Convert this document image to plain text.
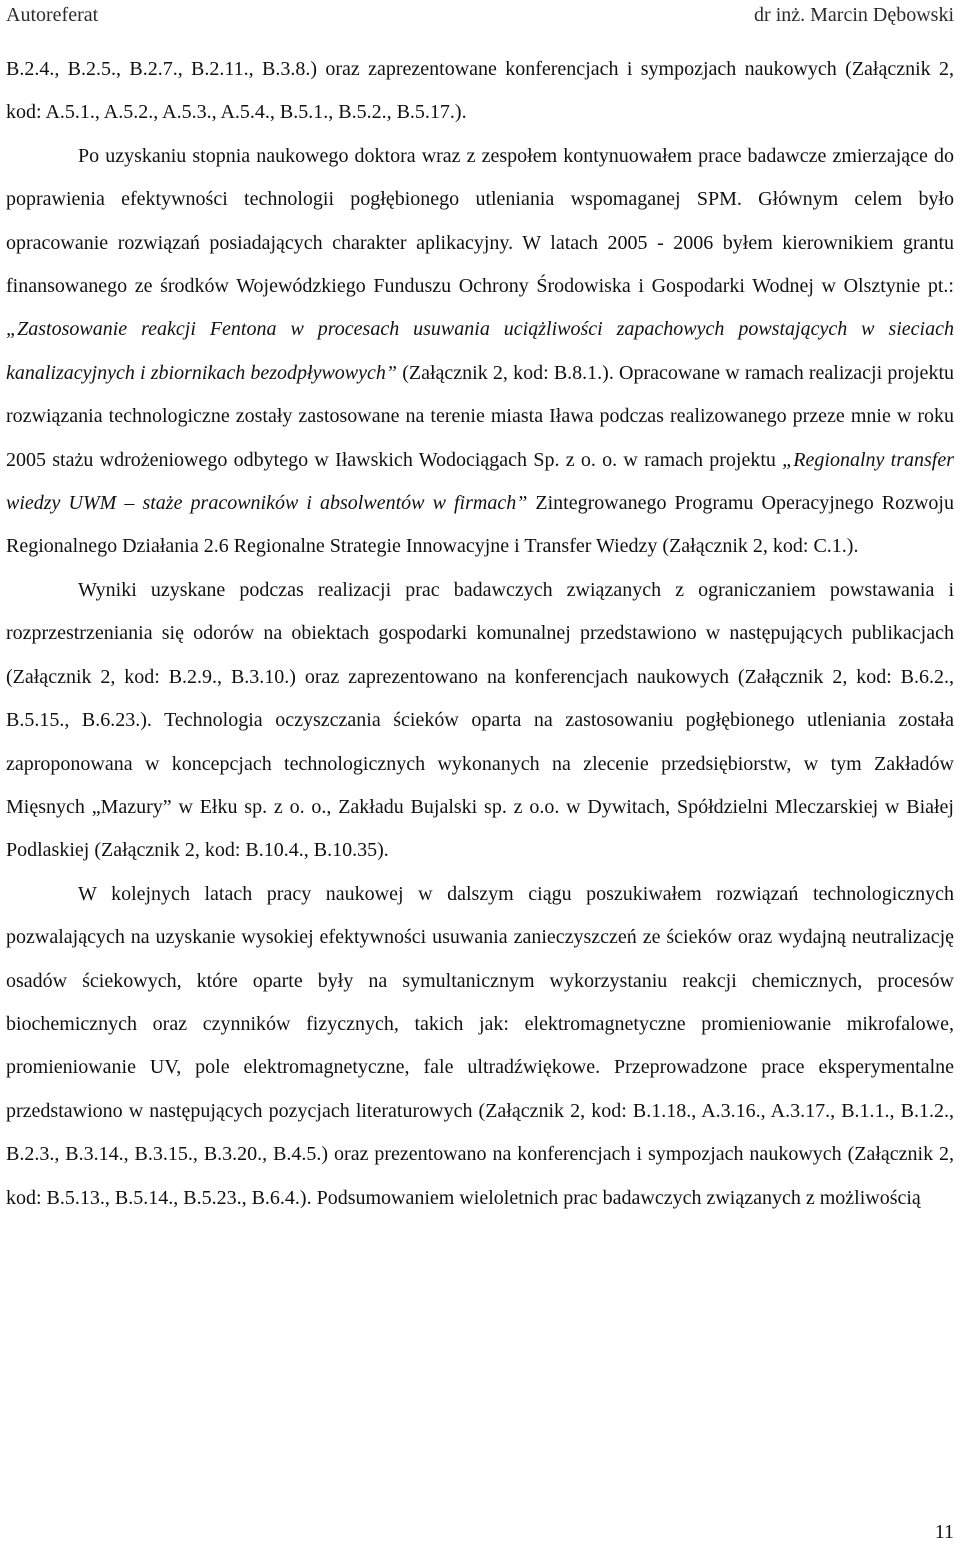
Autoreferat	dr inż. Marcin Dębowski

B.2.4., B.2.5., B.2.7., B.2.11., B.3.8.) oraz zaprezentowane konferencjach i sympozjach naukowych (Załącznik 2, kod: A.5.1., A.5.2., A.5.3., A.5.4., B.5.1., B.5.2., B.5.17.).

Po uzyskaniu stopnia naukowego doktora wraz z zespołem kontynuowałem prace badawcze zmierzające do poprawienia efektywności technologii pogłębionego utleniania wspomaganej SPM. Głównym celem było opracowanie rozwiązań posiadających charakter aplikacyjny. W latach 2005 - 2006 byłem kierownikiem grantu finansowanego ze środków Wojewódzkiego Funduszu Ochrony Środowiska i Gospodarki Wodnej w Olsztynie pt.: „Zastosowanie reakcji Fentona w procesach usuwania uciążliwości zapachowych powstających w sieciach kanalizacyjnych i zbiornikach bezodpływowych” (Załącznik 2, kod: B.8.1.). Opracowane w ramach realizacji projektu rozwiązania technologiczne zostały zastosowane na terenie miasta Iława podczas realizowanego przeze mnie w roku 2005 stażu wdrożeniowego odbytego w Iławskich Wodociągach Sp. z o. o. w ramach projektu „Regionalny transfer wiedzy UWM – staże pracowników i absolwentów w firmach” Zintegrowanego Programu Operacyjnego Rozwoju Regionalnego Działania 2.6 Regionalne Strategie Innowacyjne i Transfer Wiedzy (Załącznik 2, kod: C.1.).

Wyniki uzyskane podczas realizacji prac badawczych związanych z ograniczaniem powstawania i rozprzestrzeniania się odorów na obiektach gospodarki komunalnej przedstawiono w następujących publikacjach (Załącznik 2, kod: B.2.9., B.3.10.) oraz zaprezentowano na konferencjach naukowych (Załącznik 2, kod: B.6.2., B.5.15., B.6.23.). Technologia oczyszczania ścieków oparta na zastosowaniu pogłębionego utleniania została zaproponowana w koncepcjach technologicznych wykonanych na zlecenie przedsiębiorstw, w tym Zakładów Mięsnych „Mazury” w Ełku sp. z o. o., Zakładu Bujalski sp. z o.o. w Dywitach, Spółdzielni Mleczarskiej w Białej Podlaskiej (Załącznik 2, kod: B.10.4., B.10.35).

W kolejnych latach pracy naukowej w dalszym ciągu poszukiwałem rozwiązań technologicznych pozwalających na uzyskanie wysokiej efektywności usuwania zanieczyszczeń ze ścieków oraz wydajną neutralizację osadów ściekowych, które oparte były na symultanicznym wykorzystaniu reakcji chemicznych, procesów biochemicznych oraz czynników fizycznych, takich jak: elektromagnetyczne promieniowanie mikrofalowe, promieniowanie UV, pole elektromagnetyczne, fale ultradźwiękowe. Przeprowadzone prace eksperymentalne przedstawiono w następujących pozycjach literaturowych (Załącznik 2, kod: B.1.18., A.3.16., A.3.17., B.1.1., B.1.2., B.2.3., B.3.14., B.3.15., B.3.20., B.4.5.) oraz prezentowano na konferencjach i sympozjach naukowych (Załącznik 2, kod: B.5.13., B.5.14., B.5.23., B.6.4.). Podsumowaniem wieloletnich prac badawczych związanych z możliwością

11
